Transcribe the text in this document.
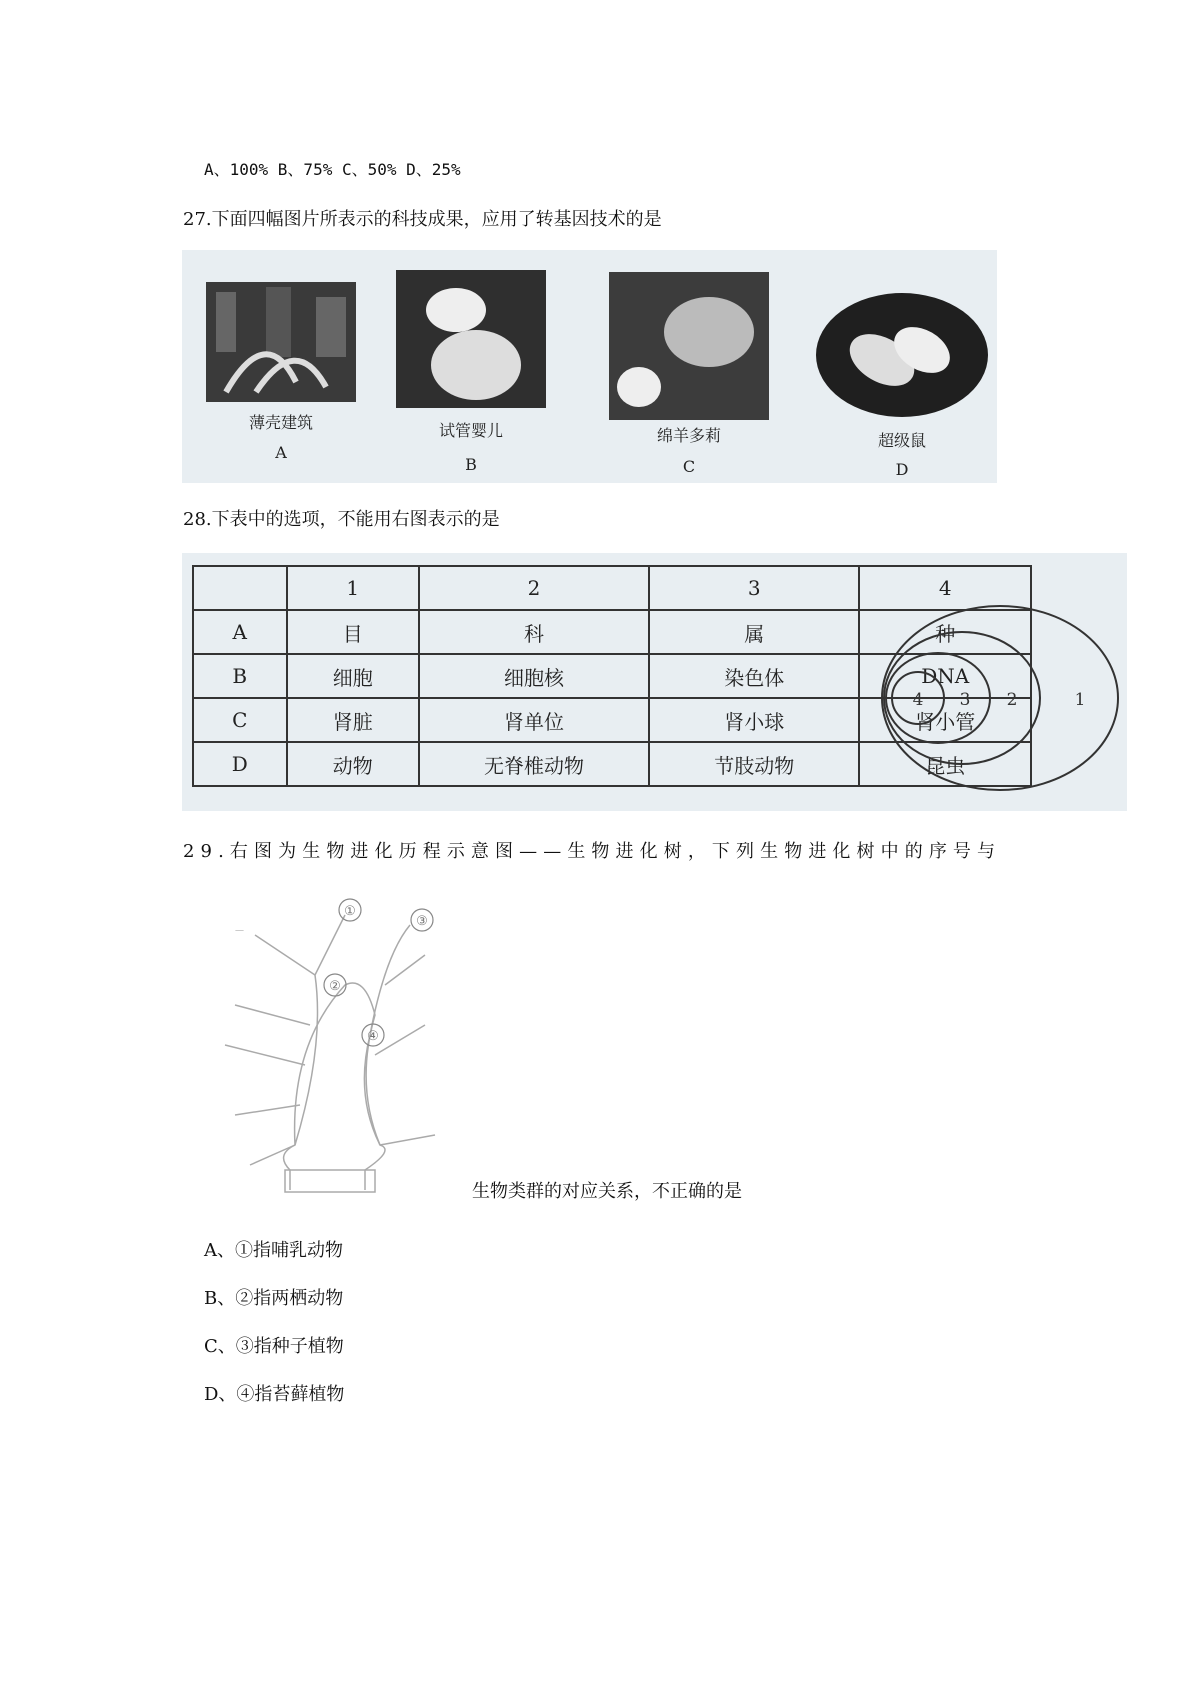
A、100% B、75% C、50% D、25%
27.下面四幅图片所表示的科技成果，应用了转基因技术的是
薄壳建筑
A
试管婴儿
B
绵羊多莉
C
超级鼠
D
28.下表中的选项，不能用右图表示的是
	1	2	3	4
A	目	科	属	种
B	细胞	细胞核	染色体	DNA
C	肾脏	肾单位	肾小球	肾小管
D	动物	无脊椎动物	节肢动物	昆虫
4 3 2	1
29.右图为生物进化历程示意图——生物进化树，下列生物进化树中的序号与
—
①
②
③
④
生物类群的对应关系，不正确的是
A、①指哺乳动物
B、②指两栖动物
C、③指种子植物
D、④指苔藓植物
